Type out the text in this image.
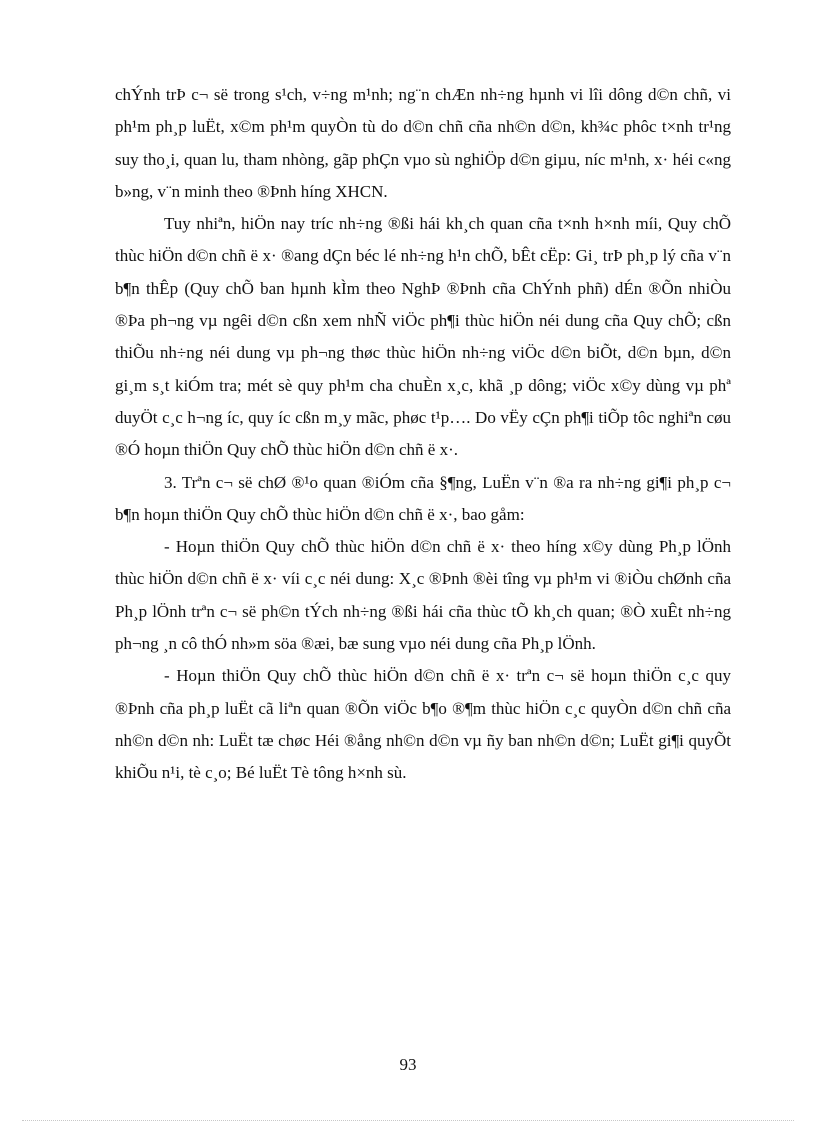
chÝnh trÞ c¬ së trong s¹ch, v÷ng m¹nh; ng¨n chÆn nh÷ng hµnh vi lîi dông d©n chñ, vi ph¹m ph¸p luËt, x©m ph¹m quyÒn tù do d©n chñ cña nh©n d©n, kh¾c phôc t×nh tr¹ng suy tho¸i, quan lu, tham nhòng, gãp phÇn vµo sù nghiÖp d©n giµu, níc m¹nh, x· héi c«ng b»ng, v¨n minh theo ®Þnh híng XHCN.

Tuy nhiªn, hiÖn nay tríc nh÷ng ®ßi hái kh¸ch quan cña t×nh h×nh míi, Quy chÕ thùc hiÖn d©n chñ ë x· ®ang dÇn béc lé nh÷ng h¹n chÕ, bÊt cËp: Gi¸ trÞ ph¸p lý cña v¨n b¶n thÊp (Quy chÕ ban hµnh kÌm theo NghÞ ®Þnh cña ChÝnh phñ) dÉn ®Õn nhiÒu ®Þa ph¬ng vµ ngêi d©n cßn xem nhÑ viÖc ph¶i thùc hiÖn néi dung cña Quy chÕ; cßn thiÕu nh÷ng néi dung vµ ph¬ng thøc thùc hiÖn nh÷ng viÖc d©n biÕt, d©n bµn, d©n gi¸m s¸t kiÓm tra; mét sè quy ph¹m cha chuÈn x¸c, khã ¸p dông; viÖc x©y dùng vµ phª duyÖt c¸c h¬ng íc, quy íc cßn m¸y mãc, phøc t¹p…. Do vËy cÇn ph¶i tiÕp tôc nghiªn cøu ®Ó hoµn thiÖn Quy chÕ thùc hiÖn d©n chñ ë x·.

3. Trªn c¬ së chØ ®¹o quan ®iÓm cña §¶ng, LuËn v¨n ®a ra nh÷ng gi¶i ph¸p c¬ b¶n hoµn thiÖn Quy chÕ thùc hiÖn d©n chñ ë x·, bao gåm:

- Hoµn thiÖn Quy chÕ thùc hiÖn d©n chñ ë x· theo híng x©y dùng Ph¸p lÖnh thùc hiÖn d©n chñ ë x· víi c¸c néi dung: X¸c ®Þnh ®èi tîng vµ ph¹m vi ®iÒu chØnh cña Ph¸p lÖnh trªn c¬ së ph©n tÝch nh÷ng ®ßi hái cña thùc tÕ kh¸ch quan; ®Ò xuÊt nh÷ng ph¬ng ¸n cô thÓ nh»m söa ®æi, bæ sung vµo néi dung cña Ph¸p lÖnh.

- Hoµn thiÖn Quy chÕ thùc hiÖn d©n chñ ë x· trªn c¬ së hoµn thiÖn c¸c quy ®Þnh cña ph¸p luËt cã liªn quan ®Õn viÖc b¶o ®¶m thùc hiÖn c¸c quyÒn d©n chñ cña nh©n d©n nh: LuËt tæ chøc Héi ®ång nh©n d©n vµ ñy ban nh©n d©n; LuËt gi¶i quyÕt khiÕu n¹i, tè c¸o; Bé luËt Tè tông h×nh sù.

93
